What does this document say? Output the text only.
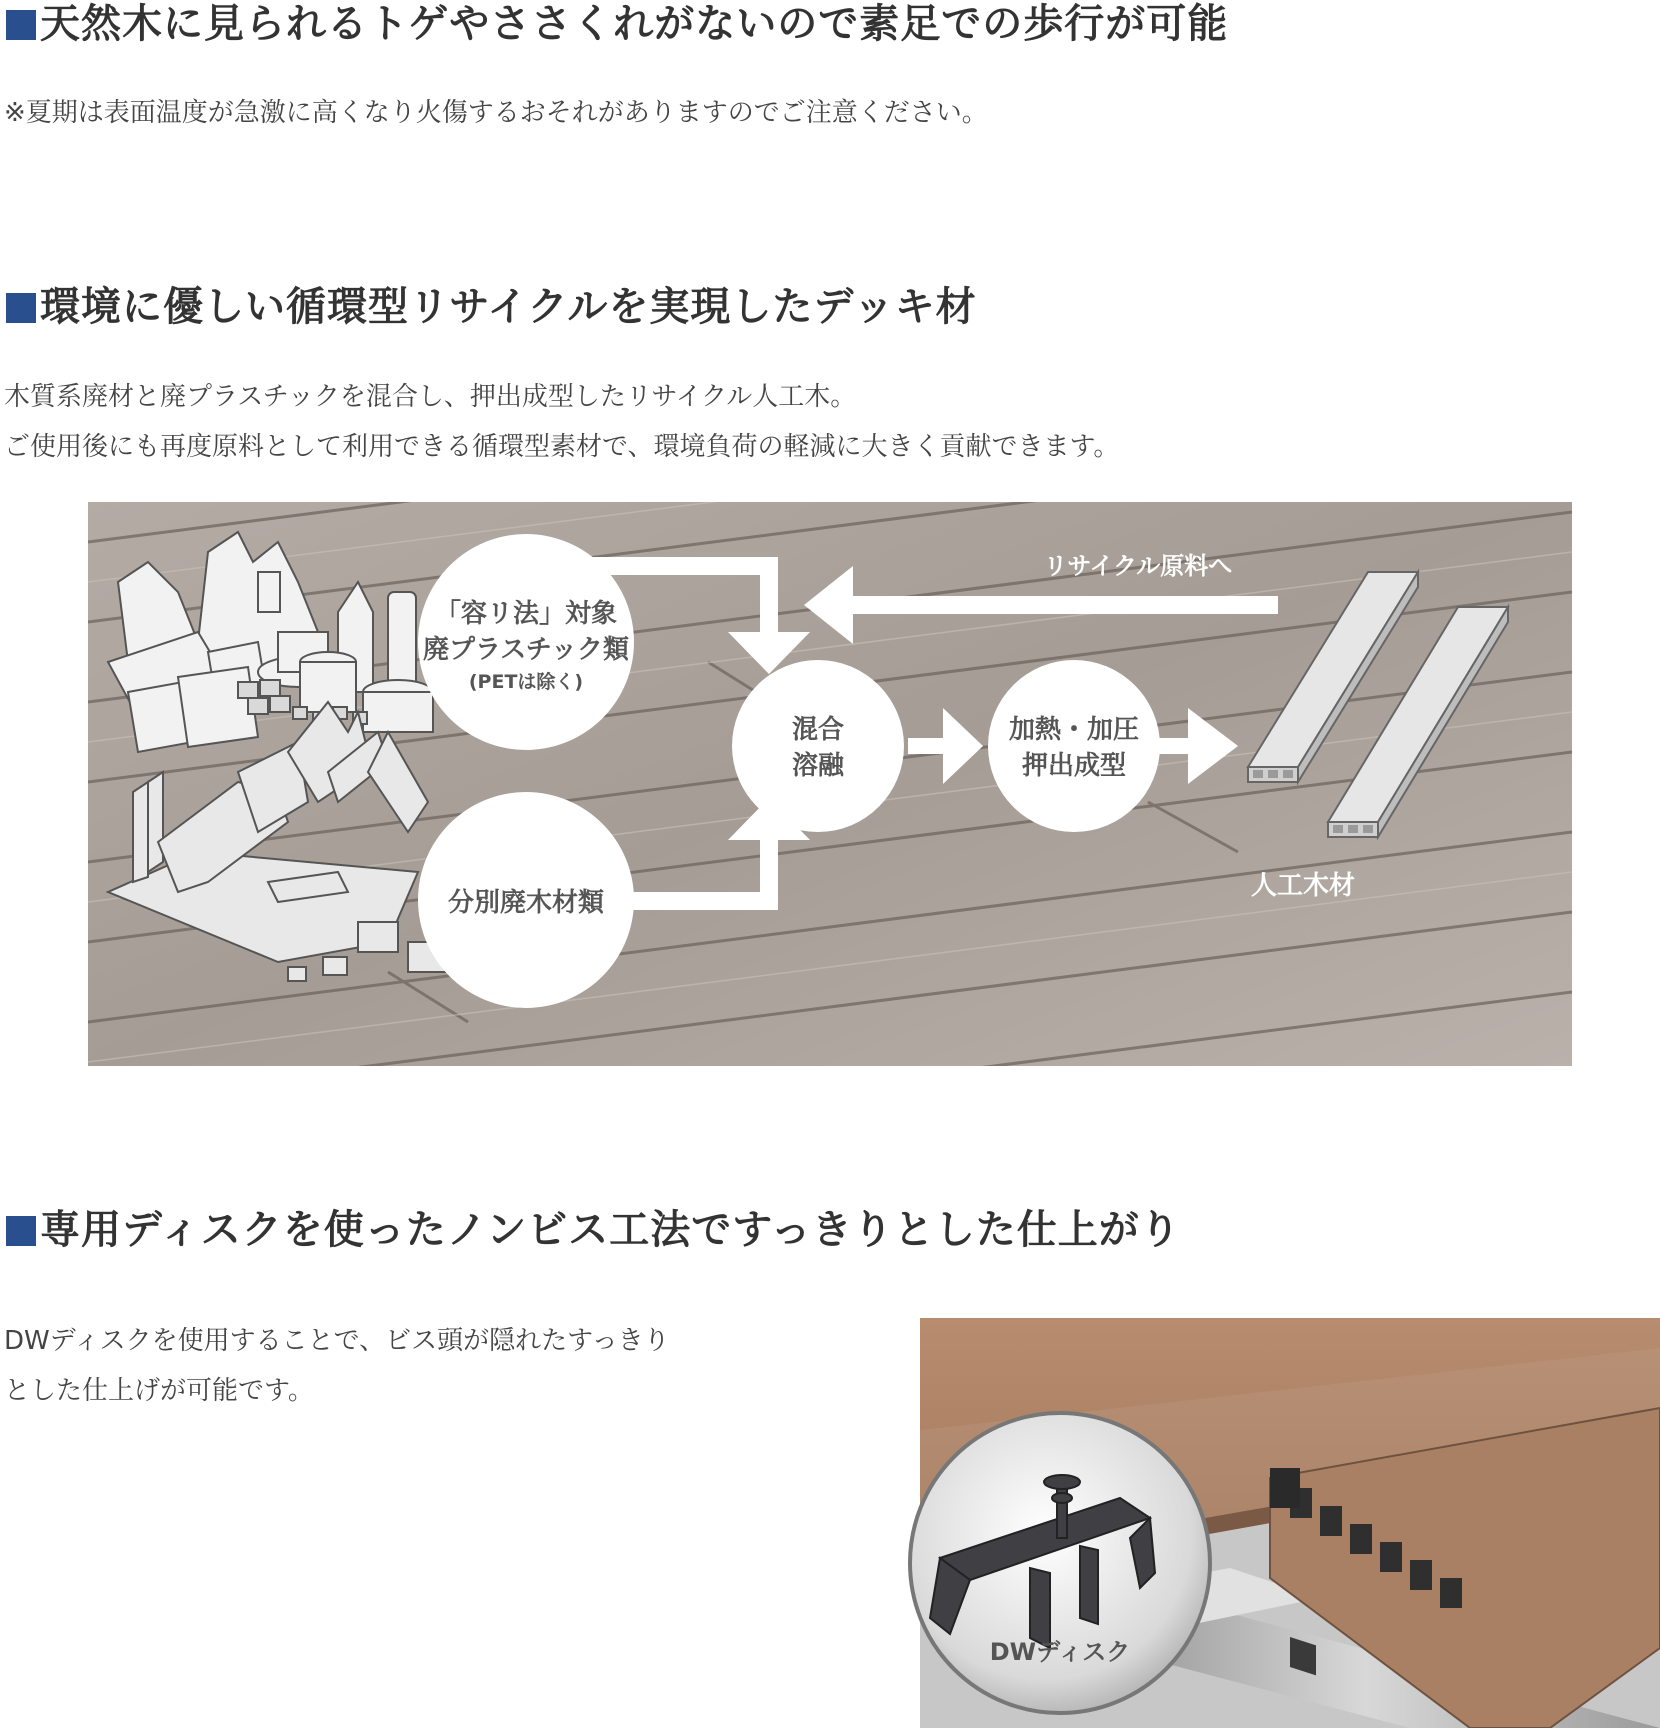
天然木に見られるトゲやささくれがないので素足での歩行が可能

※夏期は表面温度が急激に高くなり火傷するおそれがありますのでご注意ください。

環境に優しい循環型リサイクルを実現したデッキ材

木質系廃材と廃プラスチックを混合し、押出成型したリサイクル人工木。

ご使用後にも再度原料として利用できる循環型素材で、環境負荷の軽減に大きく貢献できます。

「容リ法」対象
廃プラスチック類
(PETは除く)
分別廃木材類
混合
溶融
加熱・加圧
押出成型
リサイクル原料へ
人工木材
専用ディスクを使ったノンビス工法ですっきりとした仕上がり

DWディスクを使用することで、ビス頭が隠れたすっきり

とした仕上げが可能です。

DWディスク
